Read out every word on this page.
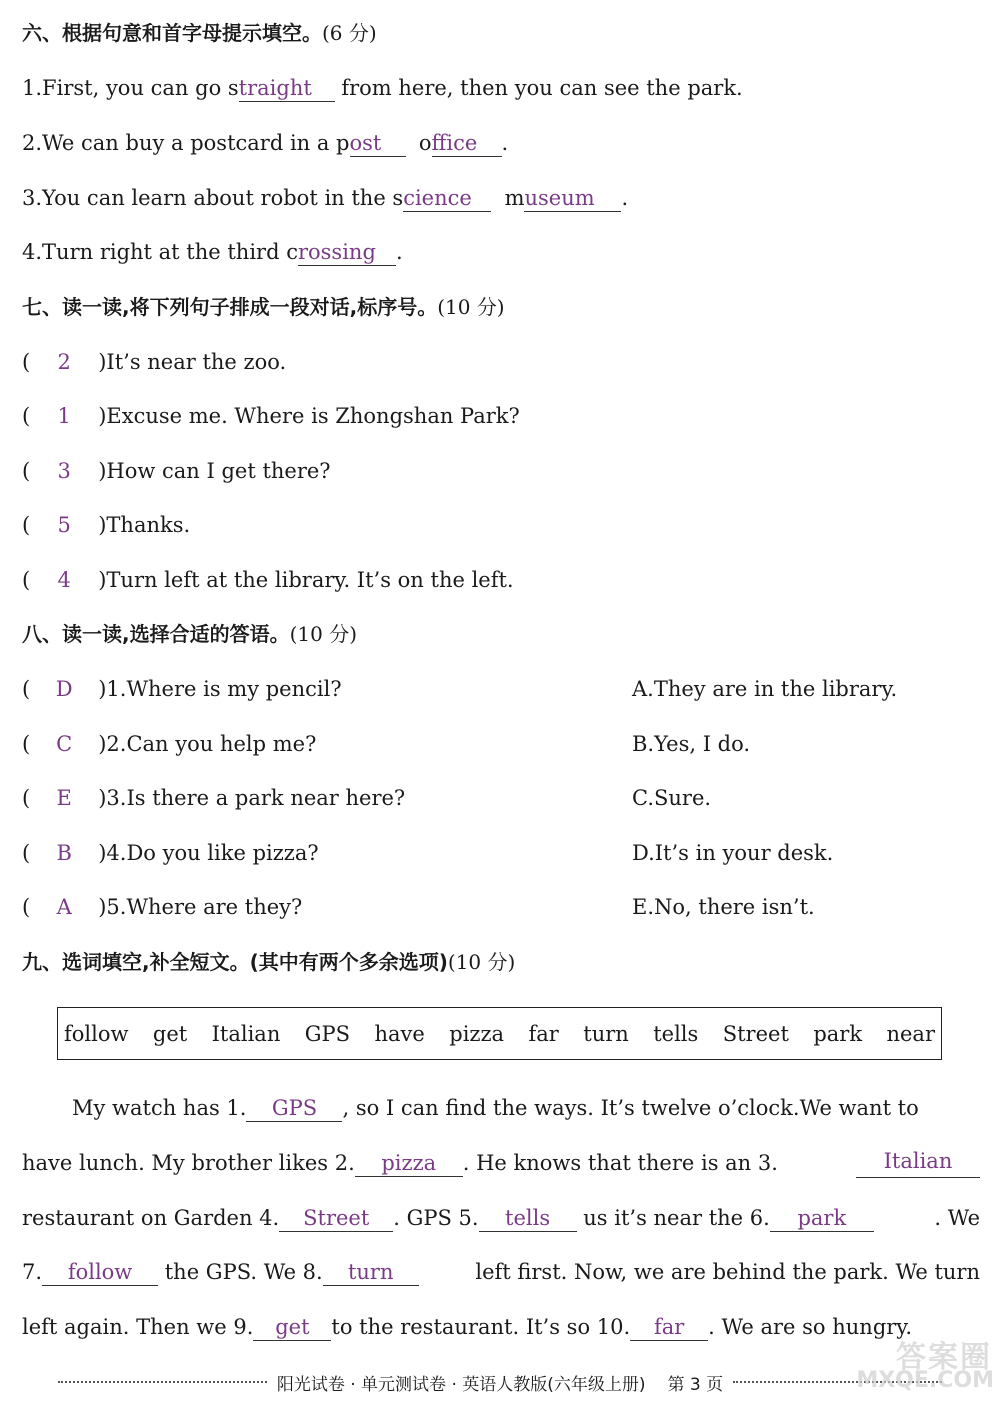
六、根据句意和首字母提示填空。(6 分)
1.First, you can go straight from here, then you can see the park.
2.We can buy a postcard in a post office .
3.You can learn about robot in the science museum .
4.Turn right at the third crossing .
七、读一读,将下列句子排成一段对话,标序号。(10 分)
( 2 )It’s near the zoo.
( 1 )Excuse me. Where is Zhongshan Park?
( 3 )How can I get there?
( 5 )Thanks.
( 4 )Turn left at the library. It’s on the left.
八、读一读,选择合适的答语。(10 分)
( D )1.Where is my pencil?
( C )2.Can you help me?
( E )3.Is there a park near here?
( B )4.Do you like pizza?
( A )5.Where are they?
A.They are in the library.
B.Yes, I do.
C.Sure.
D.It’s in your desk.
E.No, there isn’t.
九、选词填空,补全短文。(其中有两个多余选项)(10 分)
follow get Italian GPS have pizza far turn tells Street park near
My watch has 1. GPS , so I can find the ways. It’s twelve o’clock.We want to
have lunch. My brother likes 2. pizza . He knows that there is an 3.	Italian
restaurant on Garden 4. Street . GPS 5. tells us it’s near the 6. park	. We
7. follow the GPS. We 8. turn	left first. Now, we are behind the park. We turn
left again. Then we 9. get to the restaurant. It’s so 10. far . We are so hungry.
阳光试卷 · 单元测试卷 · 英语人教版(六年级上册) 第 3 页
答案圈
MXQE.COM
